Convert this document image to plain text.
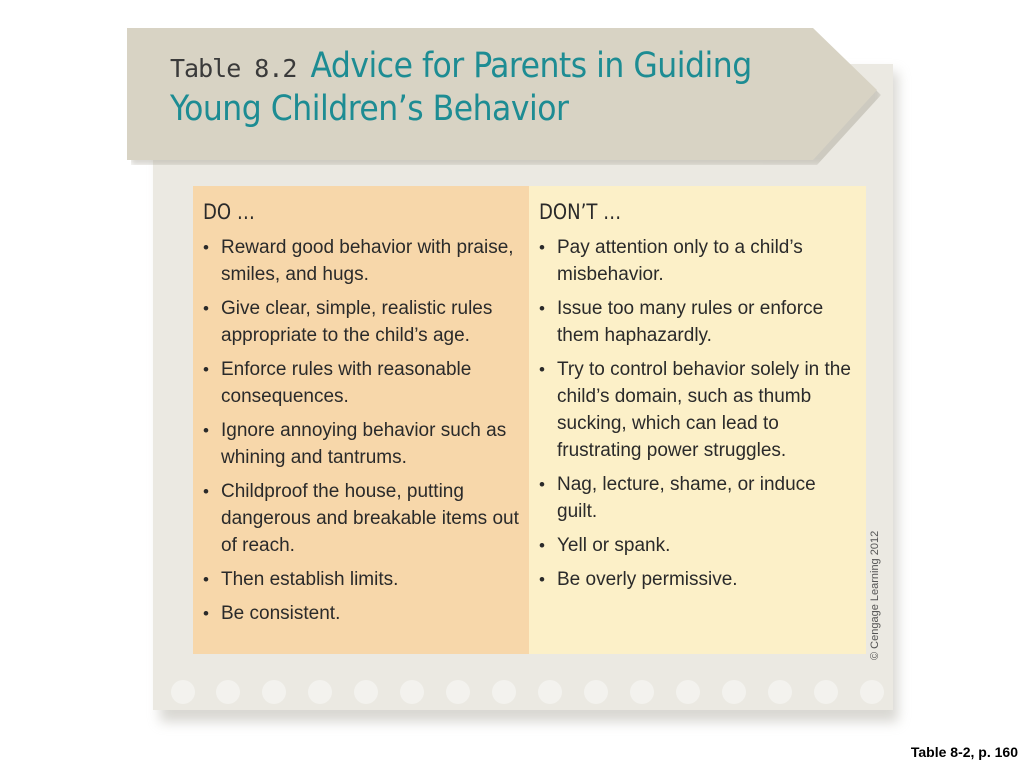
Table 8.2 Advice for Parents in Guiding
Young Children’s Behavior
DO …
• Reward good behavior with praise, smiles, and hugs.
• Give clear, simple, realistic rules appropriate to the child’s age.
• Enforce rules with reasonable consequences.
• Ignore annoying behavior such as whining and tantrums.
• Childproof the house, putting dangerous and breakable items out of reach.
• Then establish limits.
• Be consistent.
DON’T …
• Pay attention only to a child’s misbehavior.
• Issue too many rules or enforce them haphazardly.
• Try to control behavior solely in the child’s domain, such as thumb sucking, which can lead to frustrating power struggles.
• Nag, lecture, shame, or induce guilt.
• Yell or spank.
• Be overly permissive.	© Cengage Learning 2012
Table 8-2, p. 160
